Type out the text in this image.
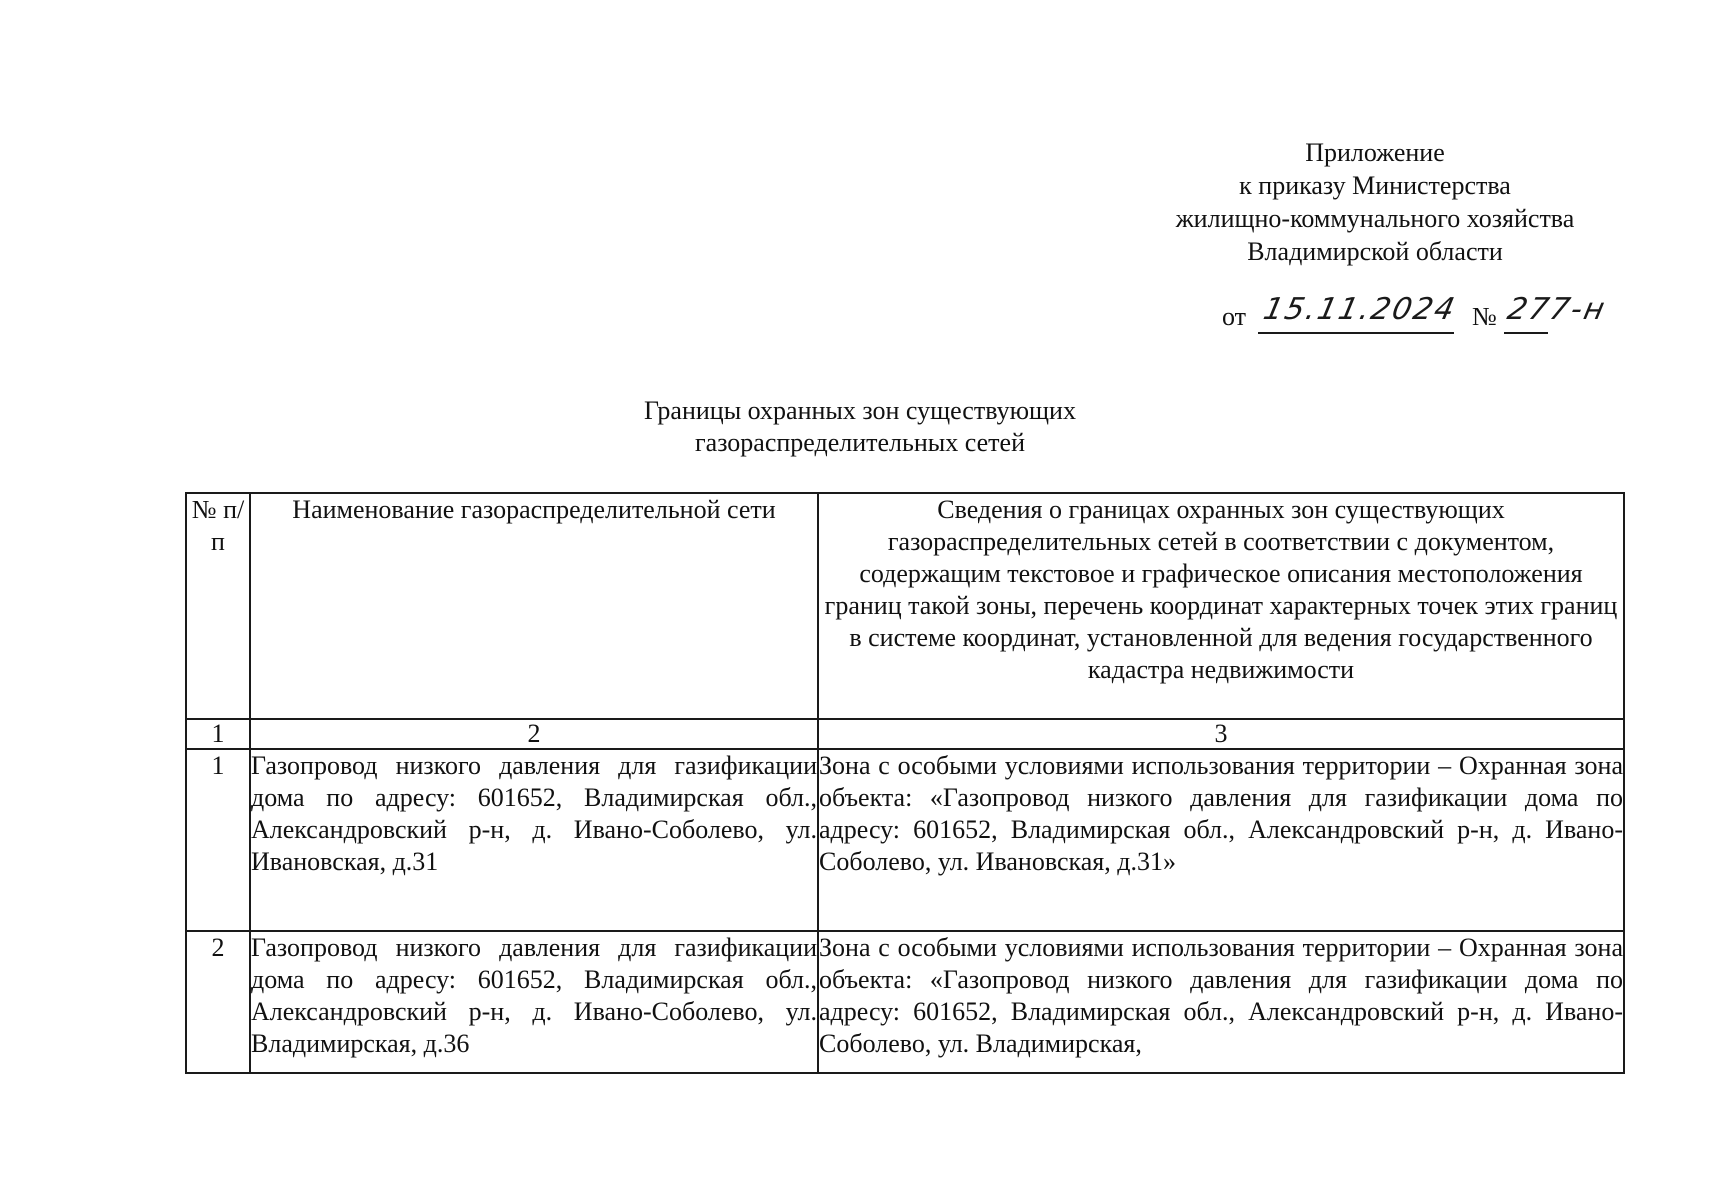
Приложение
к приказу Министерства
жилищно-коммунального хозяйства
Владимирской области
от 15.11.2024 № 277-н
Границы охранных зон существующих
газораспределительных сетей
№ п/п	Наименование газораспределительной сети	Сведения о границах охранных зон существующих газораспределительных сетей в соответствии с документом, содержащим текстовое и графическое описания местоположения границ такой зоны, перечень координат характерных точек этих границ в системе координат, установленной для ведения государственного кадастра недвижимости
1	2	3
1	Газопровод низкого давления для газификации дома по адресу: 601652, Владимирская обл., Александровский р-н, д. Ивано-Соболево, ул. Ивановская, д.31	Зона с особыми условиями использования территории – Охранная зона объекта: «Газопровод низкого давления для газификации дома по адресу: 601652, Владимирская обл., Александровский р-н, д. Ивано-Соболево, ул. Ивановская, д.31»
2	Газопровод низкого давления для газификации дома по адресу: 601652, Владимирская обл., Александровский р-н, д. Ивано-Соболево, ул. Владимирская, д.36	Зона с особыми условиями использования территории – Охранная зона объекта: «Газопровод низкого давления для газификации дома по адресу: 601652, Владимирская обл., Александровский р-н, д. Ивано-Соболево, ул. Владимирская,
